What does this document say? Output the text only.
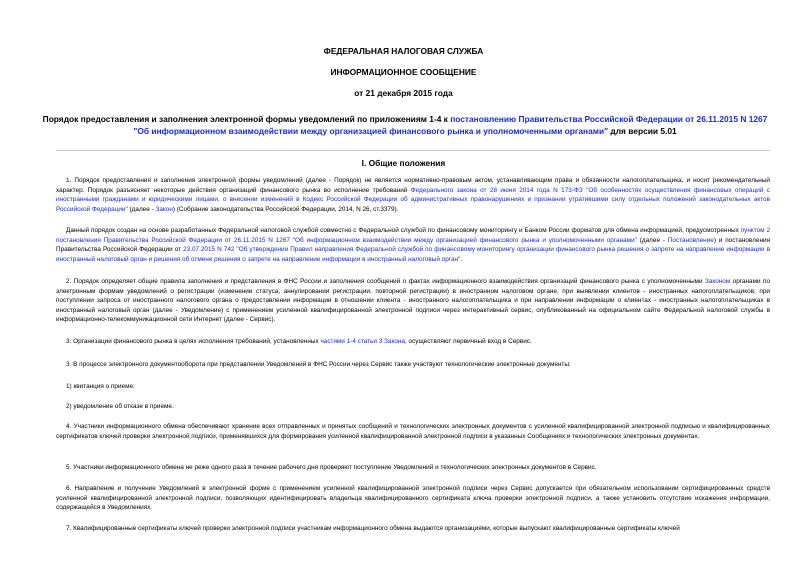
ФЕДЕРАЛЬНАЯ НАЛОГОВАЯ СЛУЖБА
ИНФОРМАЦИОННОЕ СООБЩЕНИЕ
от 21 декабря 2015 года
Порядок предоставления и заполнения электронной формы уведомлений по приложениям 1-4 к постановлению Правительства Российской Федерации от 26.11.2015 N 1267 "Об информационном взаимодействии между организацией финансового рынка и уполномоченными органами" для версии 5.01
I. Общие положения

1. Порядок предоставления и заполнения электронной формы уведомлений (далее - Порядок) не является нормативно-правовым актом, устанавливающим права и обязанности налогоплательщика, и носит рекомендательный характер. Порядок разъясняет некоторые действия организаций финансового рынка во исполнение требований Федерального закона от 28 июня 2014 года N 173-ФЗ "Об особенностях осуществления финансовых операций с иностранными гражданами и юридическими лицами, о внесении изменений в Кодекс Российской Федерации об административных правонарушениях и признании утратившими силу отдельных положений законодательных актов Российской Федерации" (далее - Закон) (Собрание законодательства Российской Федерации, 2014, N 26, ст.3379).

Данный порядок создан на основе разработанных Федеральной налоговой службой совместно с Федеральной службой по финансовому мониторингу и Банком России форматов для обмена информацией, предусмотренных пунктом 2 постановления Правительства Российской Федерации от 26.11.2015 N 1267 "Об информационном взаимодействии между организацией финансового рынка и уполномоченными органами" (далее - Постановление) и постановления Правительства Российской Федерации от 23.07.2015 N 742 "Об утверждении Правил направления Федеральной службой по финансовому мониторингу организации финансового рынка решения о запрете на направление информации в иностранный налоговый орган и решения об отмене решения о запрете на направление информации в иностранный налоговый орган".

2. Порядок определяет общие правила заполнения и представления в ФНС России и заполнения сообщений о фактах информационного взаимодействия организаций финансового рынка с уполномоченными Законом органами по электронным формам уведомлений о регистрации (изменении статуса, аннулировании регистрации, повторной регистрации) в иностранном налоговом органе, при выявлении клиентов - иностранных налогоплательщиков, при поступлении запроса от иностранного налогового органа о предоставлении информации в отношении клиента - иностранного налогоплательщика и при направлении информации о клиентах - иностранных налогоплательщиках в иностранный налоговый орган (далее - Уведомление) с применением усиленной квалифицированной электронной подписи через интерактивный сервис, опубликованный на официальном сайте Федеральной налоговой службы в информационно-телекоммуникационной сети Интернет (далее - Сервис).

3. Организации финансового рынка в целях исполнения требований, установленных частями 1-4 статьи 3 Закона, осуществляют первичный вход в Сервис.

3. В процессе электронного документооборота при представлении Уведомлений в ФНС России через Сервис также участвуют технологические электронные документы:

1) квитанция о приеме;

2) уведомление об отказе в приеме.

4. Участники информационного обмена обеспечивают хранение всех отправленных и принятых сообщений и технологических электронных документов с усиленной квалифицированной электронной подписью и квалифицированных сертификатов ключей проверки электронной подписи, применявшихся для формирования усиленной квалифицированной электронной подписи в указанных Сообщениях и технологических электронных документах.

5. Участники информационного обмена не реже одного раза в течение рабочего дня проверяют поступление Уведомлений и технологических электронных документов в Сервис.

6. Направление и получение Уведомлений в электронной форме с применением усиленной квалифицированной электронной подписи через Сервис допускается при обязательном использовании сертифицированных средств усиленной квалифицированной электронной подписи, позволяющих идентифицировать владельца квалифицированного сертификата ключа проверки электронной подписи, а также установить отсутствие искажения информации, содержащейся в Уведомлениях.

7. Квалифицированные сертификаты ключей проверки электронной подписи участникам информационного обмена выдаются организациями, которые выпускают квалифицированные сертификаты ключей
